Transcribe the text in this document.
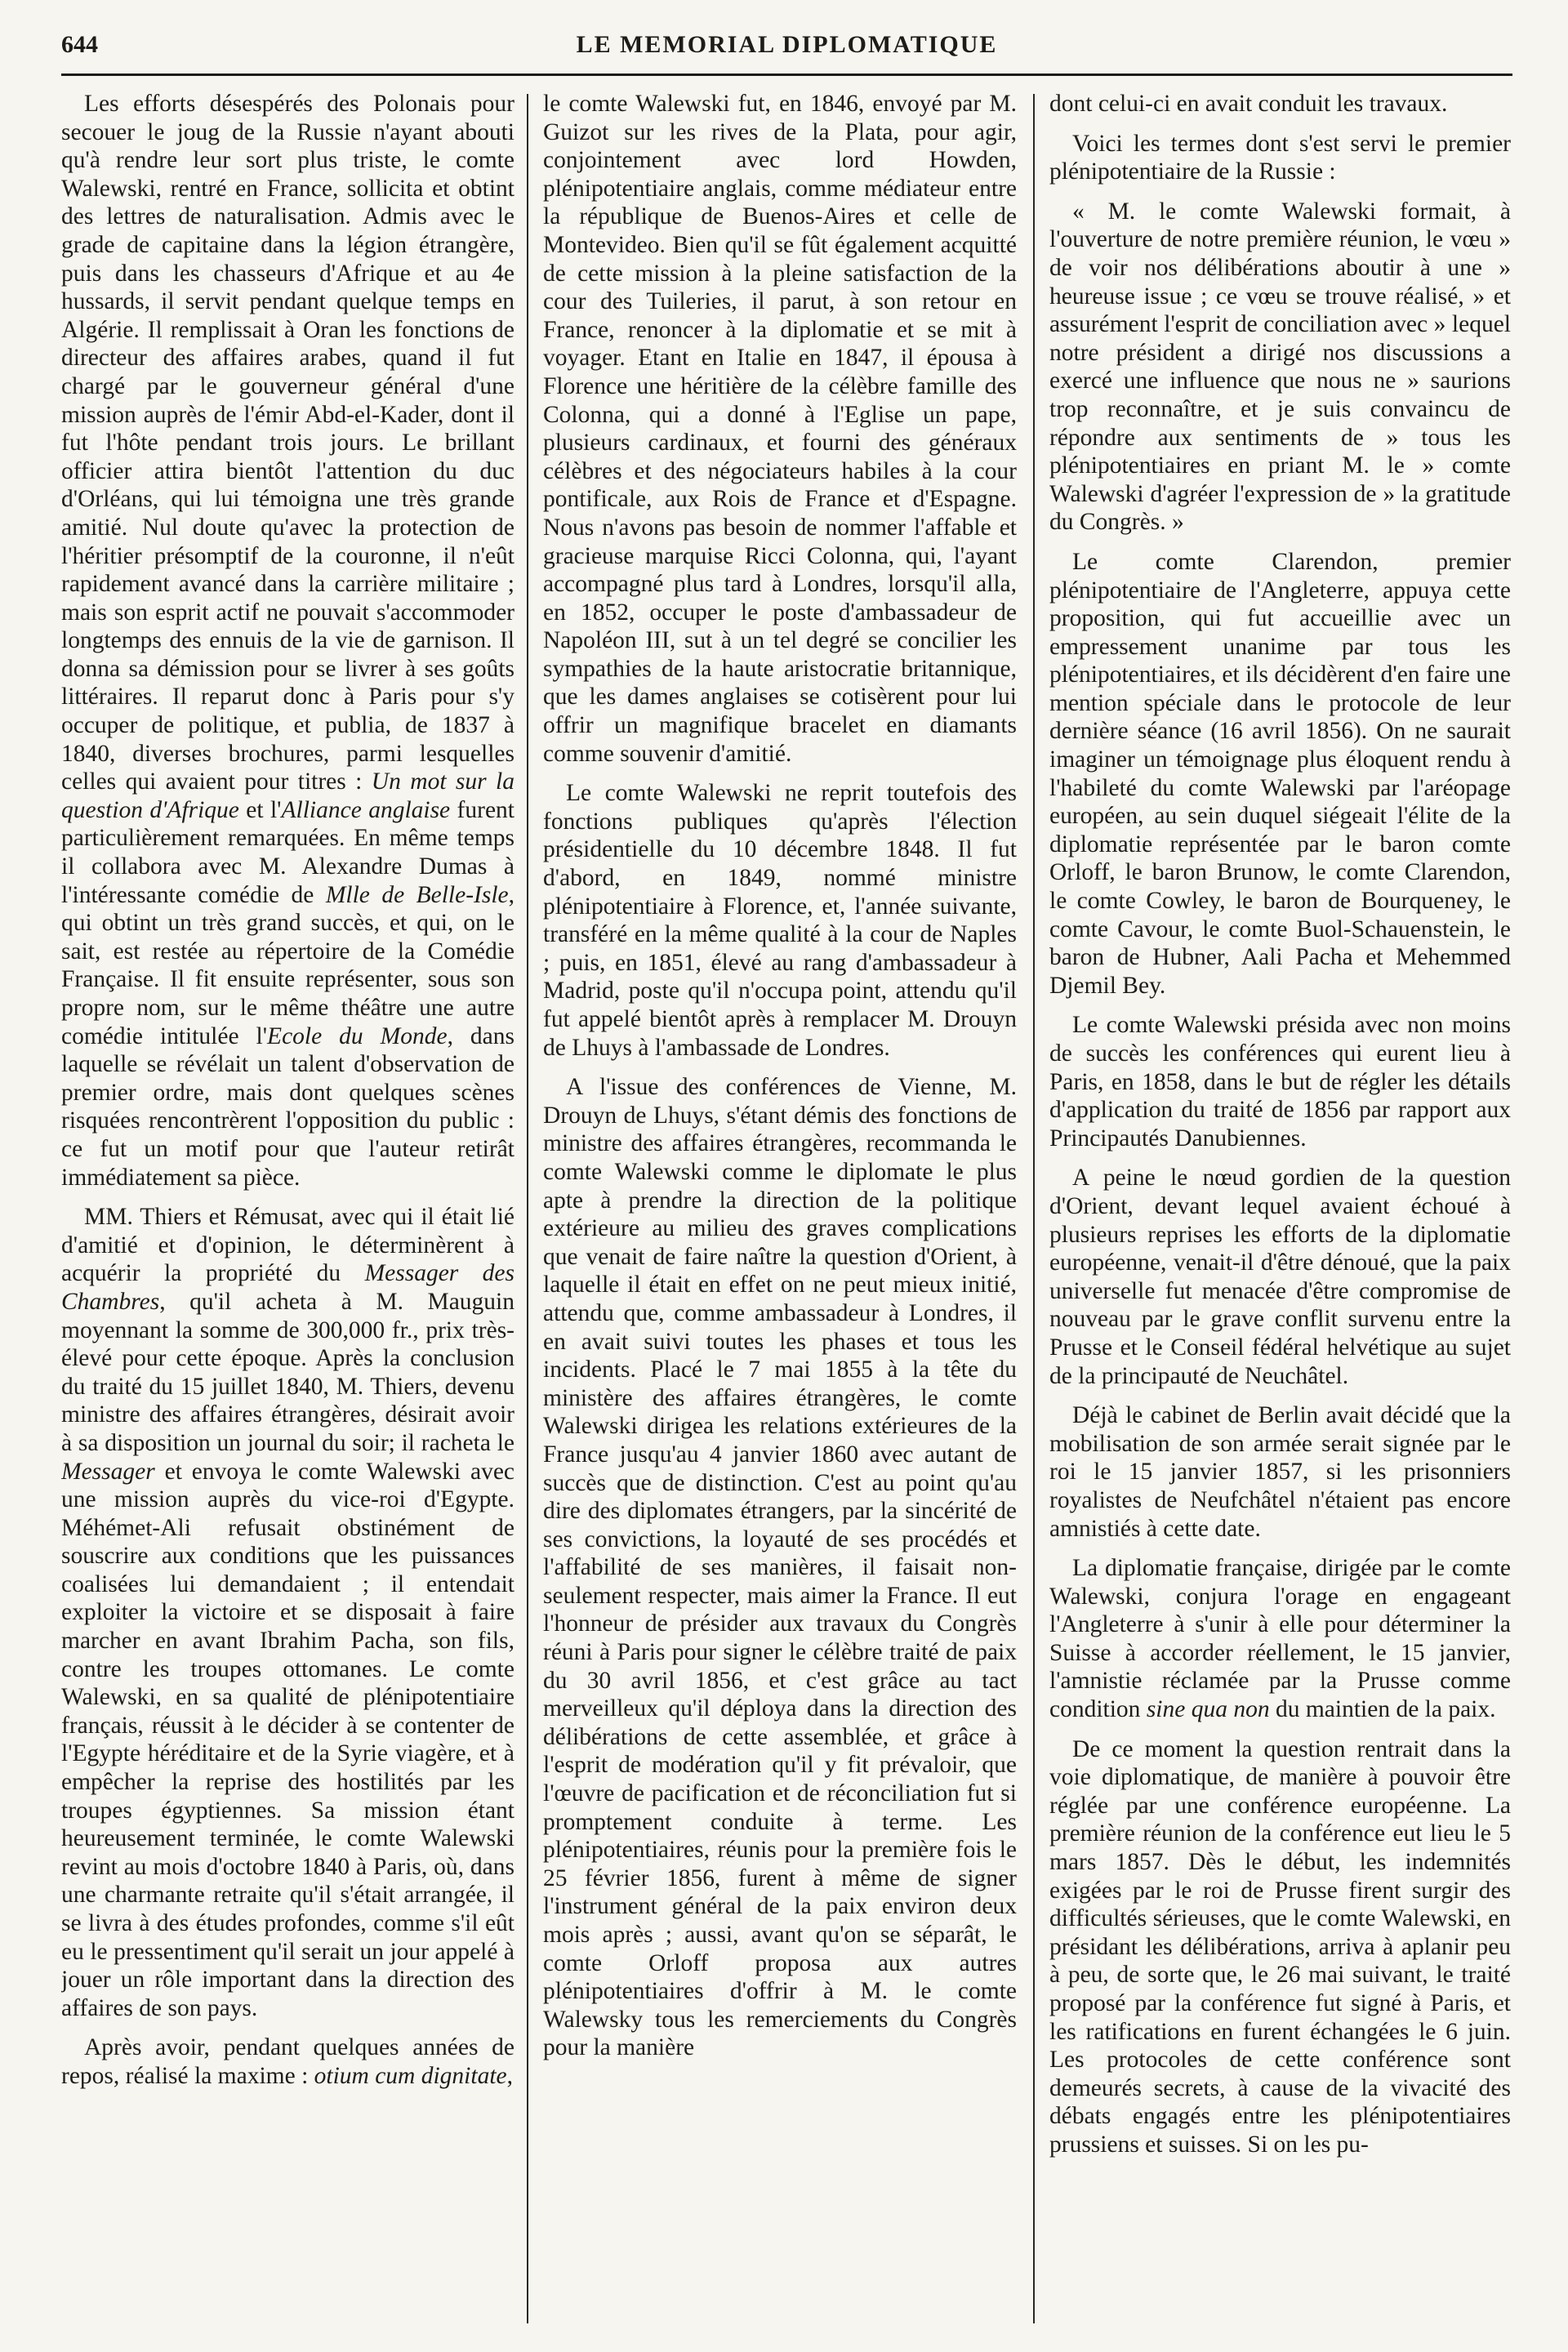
644	LE MEMORIAL DIPLOMATIQUE

Les efforts désespérés des Polonais pour secouer le joug de la Russie n'ayant abouti qu'à rendre leur sort plus triste, le comte Walewski, rentré en France, sollicita et obtint des lettres de naturalisation. Admis avec le grade de capitaine dans la légion étrangère, puis dans les chasseurs d'Afrique et au 4e hussards, il servit pendant quelque temps en Algérie. Il remplissait à Oran les fonctions de directeur des affaires arabes, quand il fut chargé par le gouverneur général d'une mission auprès de l'émir Abd-el-Kader, dont il fut l'hôte pendant trois jours. Le brillant officier attira bientôt l'attention du duc d'Orléans, qui lui témoigna une très grande amitié. Nul doute qu'avec la protection de l'héritier présomptif de la couronne, il n'eût rapidement avancé dans la carrière militaire ; mais son esprit actif ne pouvait s'accommoder longtemps des ennuis de la vie de garnison. Il donna sa démission pour se livrer à ses goûts littéraires. Il reparut donc à Paris pour s'y occuper de politique, et publia, de 1837 à 1840, diverses brochures, parmi lesquelles celles qui avaient pour titres : Un mot sur la question d'Afrique et l'Alliance anglaise furent particulièrement remarquées. En même temps il collabora avec M. Alexandre Dumas à l'intéressante comédie de Mlle de Belle-Isle, qui obtint un très grand succès, et qui, on le sait, est restée au répertoire de la Comédie Française. Il fit ensuite représenter, sous son propre nom, sur le même théâtre une autre comédie intitulée l'Ecole du Monde, dans laquelle se révélait un talent d'observation de premier ordre, mais dont quelques scènes risquées rencontrèrent l'opposition du public : ce fut un motif pour que l'auteur retirât immédiatement sa pièce.

MM. Thiers et Rémusat, avec qui il était lié d'amitié et d'opinion, le déterminèrent à acquérir la propriété du Messager des Chambres, qu'il acheta à M. Mauguin moyennant la somme de 300,000 fr., prix très-élevé pour cette époque. Après la conclusion du traité du 15 juillet 1840, M. Thiers, devenu ministre des affaires étrangères, désirait avoir à sa disposition un journal du soir; il racheta le Messager et envoya le comte Walewski avec une mission auprès du vice-roi d'Egypte. Méhémet-Ali refusait obstinément de souscrire aux conditions que les puissances coalisées lui demandaient ; il entendait exploiter la victoire et se disposait à faire marcher en avant Ibrahim Pacha, son fils, contre les troupes ottomanes. Le comte Walewski, en sa qualité de plénipotentiaire français, réussit à le décider à se contenter de l'Egypte héréditaire et de la Syrie viagère, et à empêcher la reprise des hostilités par les troupes égyptiennes. Sa mission étant heureusement terminée, le comte Walewski revint au mois d'octobre 1840 à Paris, où, dans une charmante retraite qu'il s'était arrangée, il se livra à des études profondes, comme s'il eût eu le pressentiment qu'il serait un jour appelé à jouer un rôle important dans la direction des affaires de son pays.

Après avoir, pendant quelques années de repos, réalisé la maxime : otium cum dignitate,

le comte Walewski fut, en 1846, envoyé par M. Guizot sur les rives de la Plata, pour agir, conjointement avec lord Howden, plénipotentiaire anglais, comme médiateur entre la république de Buenos-Aires et celle de Montevideo. Bien qu'il se fût également acquitté de cette mission à la pleine satisfaction de la cour des Tuileries, il parut, à son retour en France, renoncer à la diplomatie et se mit à voyager. Etant en Italie en 1847, il épousa à Florence une héritière de la célèbre famille des Colonna, qui a donné à l'Eglise un pape, plusieurs cardinaux, et fourni des généraux célèbres et des négociateurs habiles à la cour pontificale, aux Rois de France et d'Espagne. Nous n'avons pas besoin de nommer l'affable et gracieuse marquise Ricci Colonna, qui, l'ayant accompagné plus tard à Londres, lorsqu'il alla, en 1852, occuper le poste d'ambassadeur de Napoléon III, sut à un tel degré se concilier les sympathies de la haute aristocratie britannique, que les dames anglaises se cotisèrent pour lui offrir un magnifique bracelet en diamants comme souvenir d'amitié.

Le comte Walewski ne reprit toutefois des fonctions publiques qu'après l'élection présidentielle du 10 décembre 1848. Il fut d'abord, en 1849, nommé ministre plénipotentiaire à Florence, et, l'année suivante, transféré en la même qualité à la cour de Naples ; puis, en 1851, élevé au rang d'ambassadeur à Madrid, poste qu'il n'occupa point, attendu qu'il fut appelé bientôt après à remplacer M. Drouyn de Lhuys à l'ambassade de Londres.

A l'issue des conférences de Vienne, M. Drouyn de Lhuys, s'étant démis des fonctions de ministre des affaires étrangères, recommanda le comte Walewski comme le diplomate le plus apte à prendre la direction de la politique extérieure au milieu des graves complications que venait de faire naître la question d'Orient, à laquelle il était en effet on ne peut mieux initié, attendu que, comme ambassadeur à Londres, il en avait suivi toutes les phases et tous les incidents. Placé le 7 mai 1855 à la tête du ministère des affaires étrangères, le comte Walewski dirigea les relations extérieures de la France jusqu'au 4 janvier 1860 avec autant de succès que de distinction. C'est au point qu'au dire des diplomates étrangers, par la sincérité de ses convictions, la loyauté de ses procédés et l'affabilité de ses manières, il faisait non-seulement respecter, mais aimer la France. Il eut l'honneur de présider aux travaux du Congrès réuni à Paris pour signer le célèbre traité de paix du 30 avril 1856, et c'est grâce au tact merveilleux qu'il déploya dans la direction des délibérations de cette assemblée, et grâce à l'esprit de modération qu'il y fit prévaloir, que l'œuvre de pacification et de réconciliation fut si promptement conduite à terme. Les plénipotentiaires, réunis pour la première fois le 25 février 1856, furent à même de signer l'instrument général de la paix environ deux mois après ; aussi, avant qu'on se séparât, le comte Orloff proposa aux autres plénipotentiaires d'offrir à M. le comte Walewsky tous les remerciements du Congrès pour la manière

dont celui-ci en avait conduit les travaux.

Voici les termes dont s'est servi le premier plénipotentiaire de la Russie :

« M. le comte Walewski formait, à l'ouverture de notre première réunion, le vœu » de voir nos délibérations aboutir à une » heureuse issue ; ce vœu se trouve réalisé, » et assurément l'esprit de conciliation avec » lequel notre président a dirigé nos discussions a exercé une influence que nous ne » saurions trop reconnaître, et je suis convaincu de répondre aux sentiments de » tous les plénipotentiaires en priant M. le » comte Walewski d'agréer l'expression de » la gratitude du Congrès. »

Le comte Clarendon, premier plénipotentiaire de l'Angleterre, appuya cette proposition, qui fut accueillie avec un empressement unanime par tous les plénipotentiaires, et ils décidèrent d'en faire une mention spéciale dans le protocole de leur dernière séance (16 avril 1856). On ne saurait imaginer un témoignage plus éloquent rendu à l'habileté du comte Walewski par l'aréopage européen, au sein duquel siégeait l'élite de la diplomatie représentée par le baron comte Orloff, le baron Brunow, le comte Clarendon, le comte Cowley, le baron de Bourqueney, le comte Cavour, le comte Buol-Schauenstein, le baron de Hubner, Aali Pacha et Mehemmed Djemil Bey.

Le comte Walewski présida avec non moins de succès les conférences qui eurent lieu à Paris, en 1858, dans le but de régler les détails d'application du traité de 1856 par rapport aux Principautés Danubiennes.

A peine le nœud gordien de la question d'Orient, devant lequel avaient échoué à plusieurs reprises les efforts de la diplomatie européenne, venait-il d'être dénoué, que la paix universelle fut menacée d'être compromise de nouveau par le grave conflit survenu entre la Prusse et le Conseil fédéral helvétique au sujet de la principauté de Neuchâtel.

Déjà le cabinet de Berlin avait décidé que la mobilisation de son armée serait signée par le roi le 15 janvier 1857, si les prisonniers royalistes de Neufchâtel n'étaient pas encore amnistiés à cette date.

La diplomatie française, dirigée par le comte Walewski, conjura l'orage en engageant l'Angleterre à s'unir à elle pour déterminer la Suisse à accorder réellement, le 15 janvier, l'amnistie réclamée par la Prusse comme condition sine qua non du maintien de la paix.

De ce moment la question rentrait dans la voie diplomatique, de manière à pouvoir être réglée par une conférence européenne. La première réunion de la conférence eut lieu le 5 mars 1857. Dès le début, les indemnités exigées par le roi de Prusse firent surgir des difficultés sérieuses, que le comte Walewski, en présidant les délibérations, arriva à aplanir peu à peu, de sorte que, le 26 mai suivant, le traité proposé par la conférence fut signé à Paris, et les ratifications en furent échangées le 6 juin. Les protocoles de cette conférence sont demeurés secrets, à cause de la vivacité des débats engagés entre les plénipotentiaires prussiens et suisses. Si on les pu-
